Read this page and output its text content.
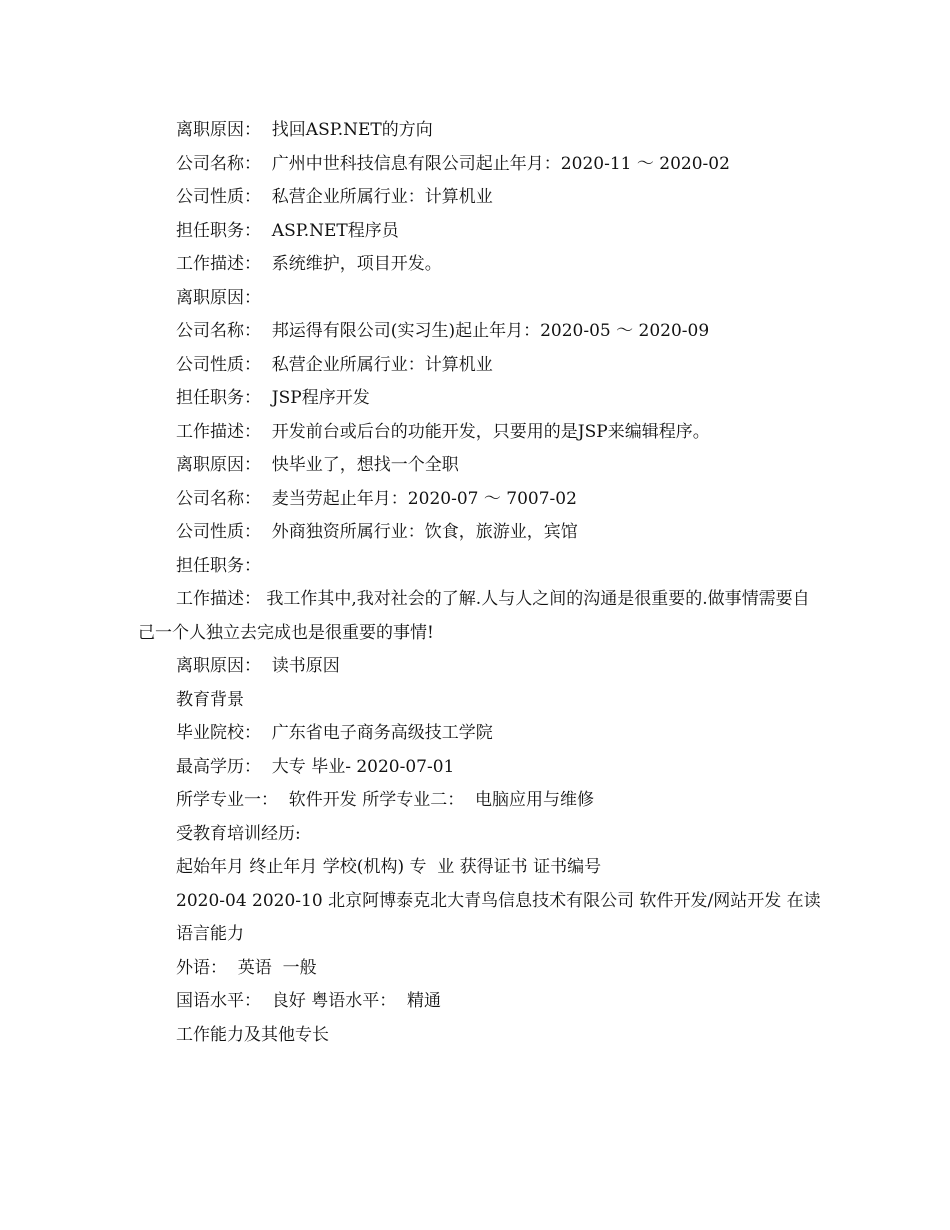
离职原因：  找回ASP.NET的方向
公司名称：  广州中世科技信息有限公司起止年月：2020-11 ～ 2020-02
公司性质：  私营企业所属行业：计算机业
担任职务：  ASP.NET程序员
工作描述：  系统维护，项目开发。
离职原因：
公司名称：  邦运得有限公司(实习生)起止年月：2020-05 ～ 2020-09
公司性质：  私营企业所属行业：计算机业
担任职务：  JSP程序开发
工作描述：  开发前台或后台的功能开发，只要用的是JSP来编辑程序。
离职原因：  快毕业了，想找一个全职
公司名称：  麦当劳起止年月：2020-07 ～ 7007-02
公司性质：  外商独资所属行业：饮食，旅游业，宾馆
担任职务：
工作描述： 我工作其中,我对社会的了解.人与人之间的沟通是很重要的.做事情需要自己一个人独立去完成也是很重要的事情!
离职原因：  读书原因
教育背景
毕业院校：  广东省电子商务高级技工学院
最高学历：  大专 毕业- 2020-07-01
所学专业一：  软件开发 所学专业二：  电脑应用与维修
受教育培训经历:
起始年月 终止年月 学校(机构) 专  业 获得证书 证书编号
2020-04 2020-10 北京阿博泰克北大青鸟信息技术有限公司 软件开发/网站开发 在读
语言能力
外语：  英语  一般
国语水平：  良好 粤语水平：  精通
工作能力及其他专长
